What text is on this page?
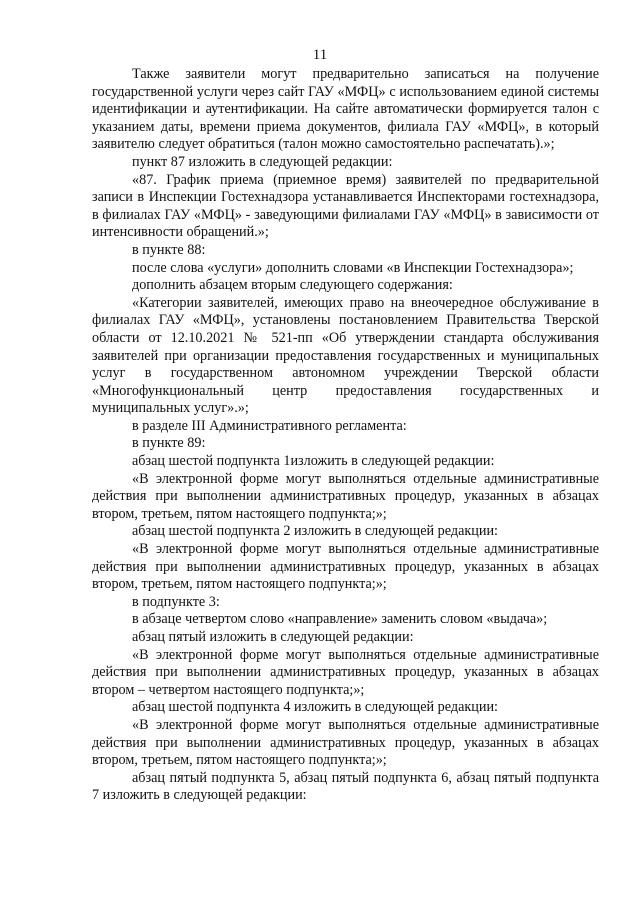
11

Также заявители могут предварительно записаться на получение государственной услуги через сайт ГАУ «МФЦ» с использованием единой системы идентификации и аутентификации. На сайте автоматически формируется талон с указанием даты, времени приема документов, филиала ГАУ «МФЦ», в который заявителю следует обратиться (талон можно самостоятельно распечатать).»;

пункт 87 изложить в следующей редакции:

«87. График приема (приемное время) заявителей по предварительной записи в Инспекции Гостехнадзора устанавливается Инспекторами гостехнадзора, в филиалах ГАУ «МФЦ» - заведующими филиалами ГАУ «МФЦ» в зависимости от интенсивности обращений.»;

в пункте 88:

после слова «услуги» дополнить словами «в Инспекции Гостехнадзора»;

дополнить абзацем вторым следующего содержания:

«Категории заявителей, имеющих право на внеочередное обслуживание в филиалах ГАУ «МФЦ», установлены постановлением Правительства Тверской области от 12.10.2021 № 521-пп «Об утверждении стандарта обслуживания заявителей при организации предоставления государственных и муниципальных услуг в государственном автономном учреждении Тверской области «Многофункциональный центр предоставления государственных и муниципальных услуг».»;

в разделе III Административного регламента:

в пункте 89:

абзац шестой подпункта 1изложить в следующей редакции:

«В электронной форме могут выполняться отдельные административные действия при выполнении административных процедур, указанных в абзацах втором, третьем, пятом настоящего подпункта;»;

абзац шестой подпункта 2 изложить в следующей редакции:

«В электронной форме могут выполняться отдельные административные действия при выполнении административных процедур, указанных в абзацах втором, третьем, пятом настоящего подпункта;»;

в подпункте 3:

в абзаце четвертом слово «направление» заменить словом «выдача»;

абзац пятый изложить в следующей редакции:

«В электронной форме могут выполняться отдельные административные действия при выполнении административных процедур, указанных в абзацах втором – четвертом настоящего подпункта;»;

абзац шестой подпункта 4 изложить в следующей редакции:

«В электронной форме могут выполняться отдельные административные действия при выполнении административных процедур, указанных в абзацах втором, третьем, пятом настоящего подпункта;»;

абзац пятый подпункта 5, абзац пятый подпункта 6, абзац пятый подпункта 7 изложить в следующей редакции:
